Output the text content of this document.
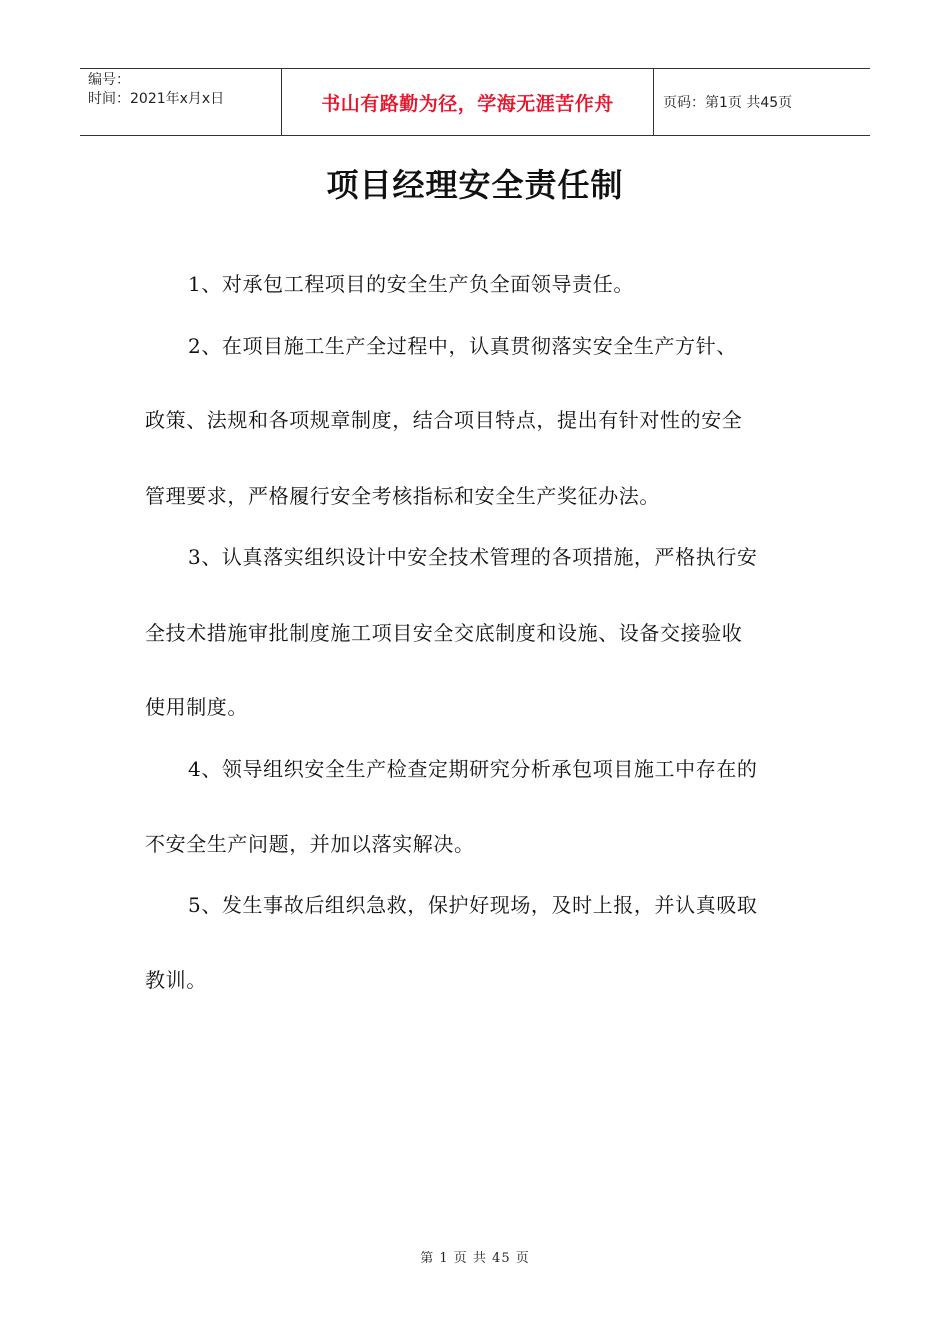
编号：
时间：2021年x月x日	书山有路勤为径，学海无涯苦作舟	页码：第1页 共45页
项目经理安全责任制
1、对承包工程项目的安全生产负全面领导责任。
2、在项目施工生产全过程中，认真贯彻落实安全生产方针、
政策、法规和各项规章制度，结合项目特点，提出有针对性的安全
管理要求，严格履行安全考核指标和安全生产奖征办法。
3、认真落实组织设计中安全技术管理的各项措施，严格执行安
全技术措施审批制度施工项目安全交底制度和设施、设备交接验收
使用制度。
4、领导组织安全生产检查定期研究分析承包项目施工中存在的
不安全生产问题，并加以落实解决。
5、发生事故后组织急救，保护好现场，及时上报，并认真吸取
教训。
第 1 页 共 45 页
